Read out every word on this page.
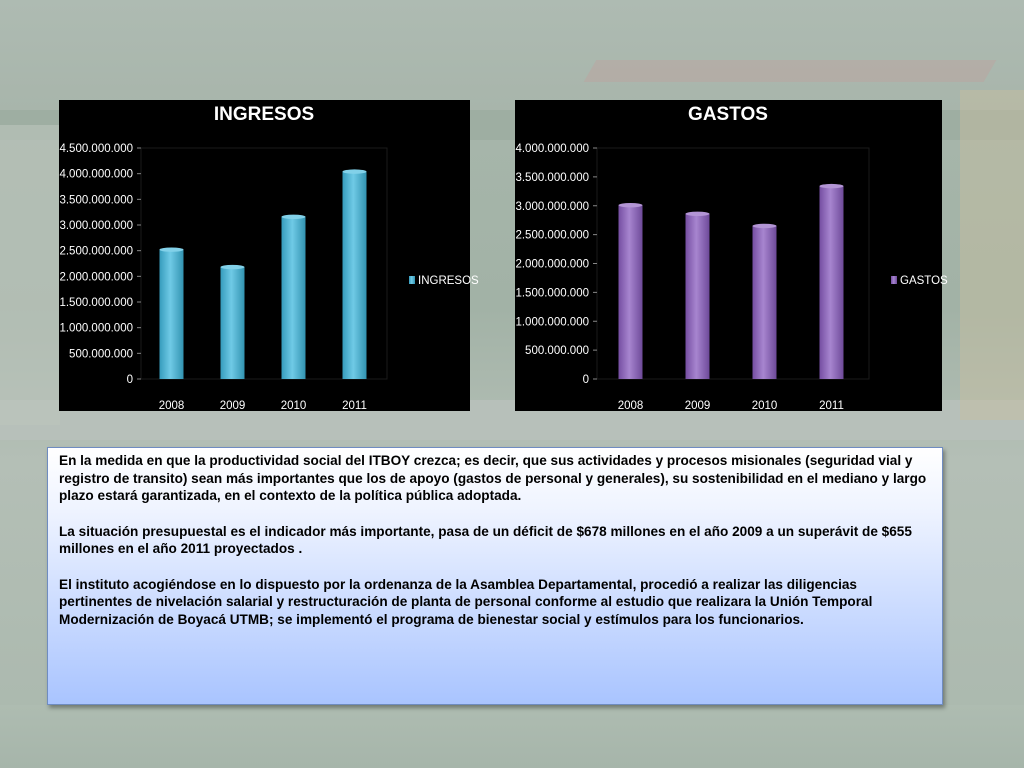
INGRESOS
0
500.000.000
1.000.000.000
1.500.000.000
2.000.000.000
2.500.000.000
3.000.000.000
3.500.000.000
4.000.000.000
4.500.000.000
2008	2009	2010	2011
INGRESOS
GASTOS
0
500.000.000
1.000.000.000
1.500.000.000
2.000.000.000
2.500.000.000
3.000.000.000
3.500.000.000
4.000.000.000
2008	2009	2010	2011
GASTOS

En la medida en que la productividad social del ITBOY crezca; es decir, que sus actividades y procesos misionales (seguridad vial y registro de transito) sean más importantes que los de apoyo (gastos de personal y generales), su sostenibilidad en el mediano y largo plazo estará garantizada, en el contexto de la política pública adoptada.

La situación presupuestal es el indicador más importante, pasa de un déficit de $678 millones en el año 2009 a un superávit de $655 millones en el año 2011 proyectados .

El instituto acogiéndose en lo dispuesto por la ordenanza de la Asamblea Departamental, procedió a realizar las diligencias pertinentes de nivelación salarial y restructuración de planta de personal conforme al estudio que realizara la Unión Temporal Modernización de Boyacá UTMB; se implementó el programa de bienestar social y estímulos para los funcionarios.
